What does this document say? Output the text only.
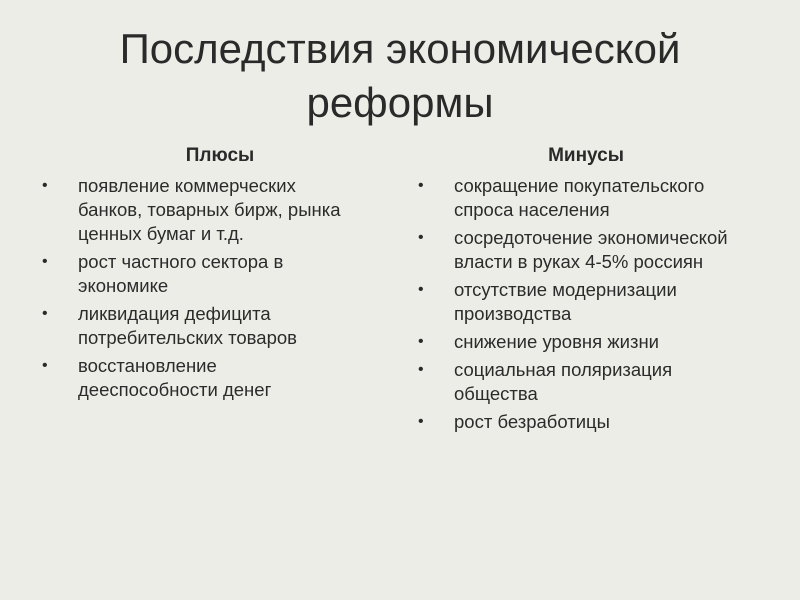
Последствия экономической реформы
Плюсы
•	появление коммерческих банков, товарных бирж, рынка ценных бумаг и т.д.
•	рост частного сектора в экономике
•	ликвидация дефицита потребительских товаров
•	восстановление дееспособности денег
Минусы
•	сокращение покупательского спроса населения
•	сосредоточение экономической власти в руках 4-5% россиян
•	отсутствие модернизации производства
•	снижение уровня жизни
•	социальная поляризация общества
•	рост безработицы
